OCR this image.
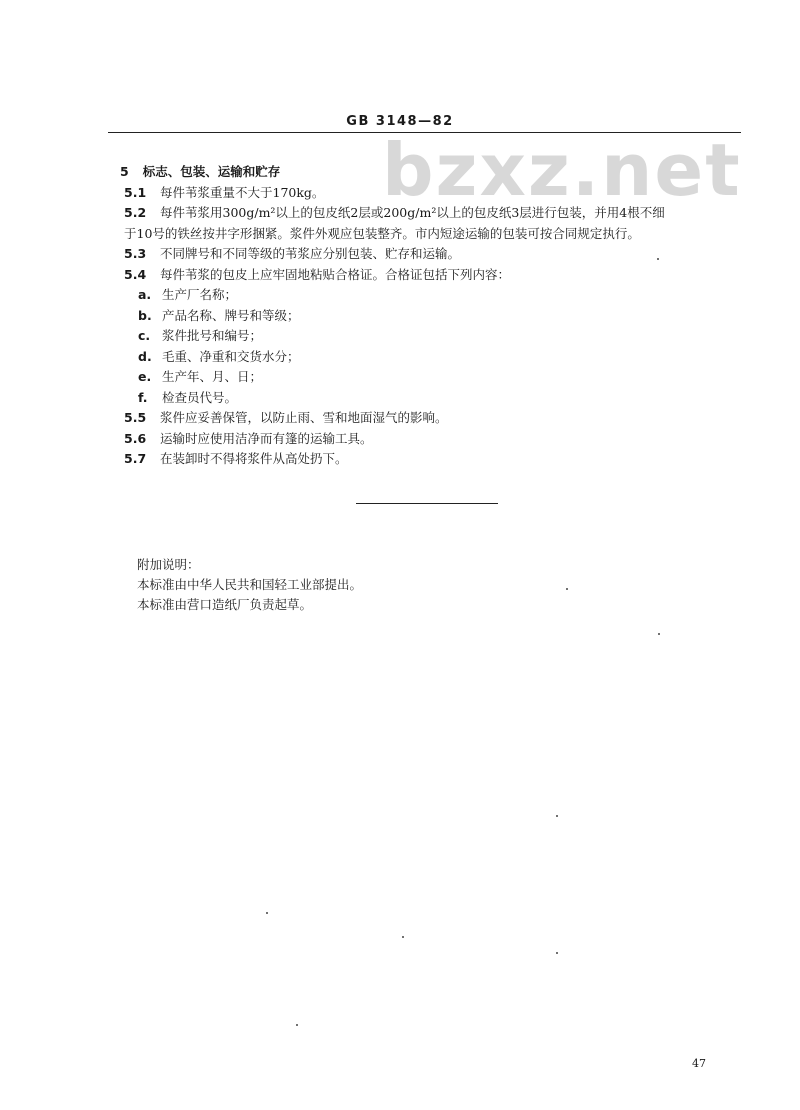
GB 3148—82
bzxz.net
5 标志、包装、运输和贮存
5.1 每件苇浆重量不大于170kg。
5.2 每件苇浆用300g/m²以上的包皮纸2层或200g/m²以上的包皮纸3层进行包装，并用4根不细
于10号的铁丝按井字形捆紧。浆件外观应包装整齐。市内短途运输的包装可按合同规定执行。
5.3 不同牌号和不同等级的苇浆应分别包装、贮存和运输。
5.4 每件苇浆的包皮上应牢固地粘贴合格证。合格证包括下列内容：
a. 生产厂名称；
b. 产品名称、牌号和等级；
c. 浆件批号和编号；
d. 毛重、净重和交货水分；
e. 生产年、月、日；
f. 检查员代号。
5.5 浆件应妥善保管，以防止雨、雪和地面湿气的影响。
5.6 运输时应使用洁净而有篷的运输工具。
5.7 在装卸时不得将浆件从高处扔下。
附加说明：
本标准由中华人民共和国轻工业部提出。
本标准由营口造纸厂负责起草。
47
